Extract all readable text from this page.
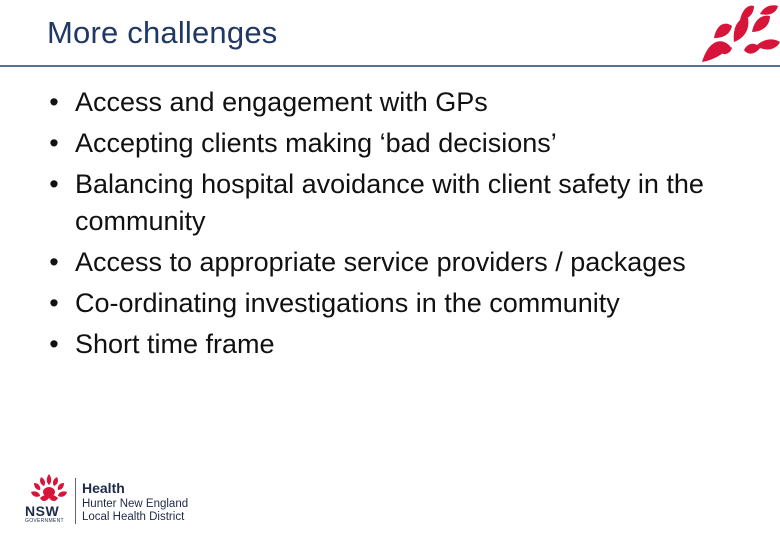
More challenges
• Access and engagement with GPs
• Accepting clients making ‘bad decisions’
• Balancing hospital avoidance with client safety in the community
• Access to appropriate service providers / packages
• Co-ordinating investigations in the community
• Short time frame
NSW
GOVERNMENT
Health
Hunter New England
Local Health District
